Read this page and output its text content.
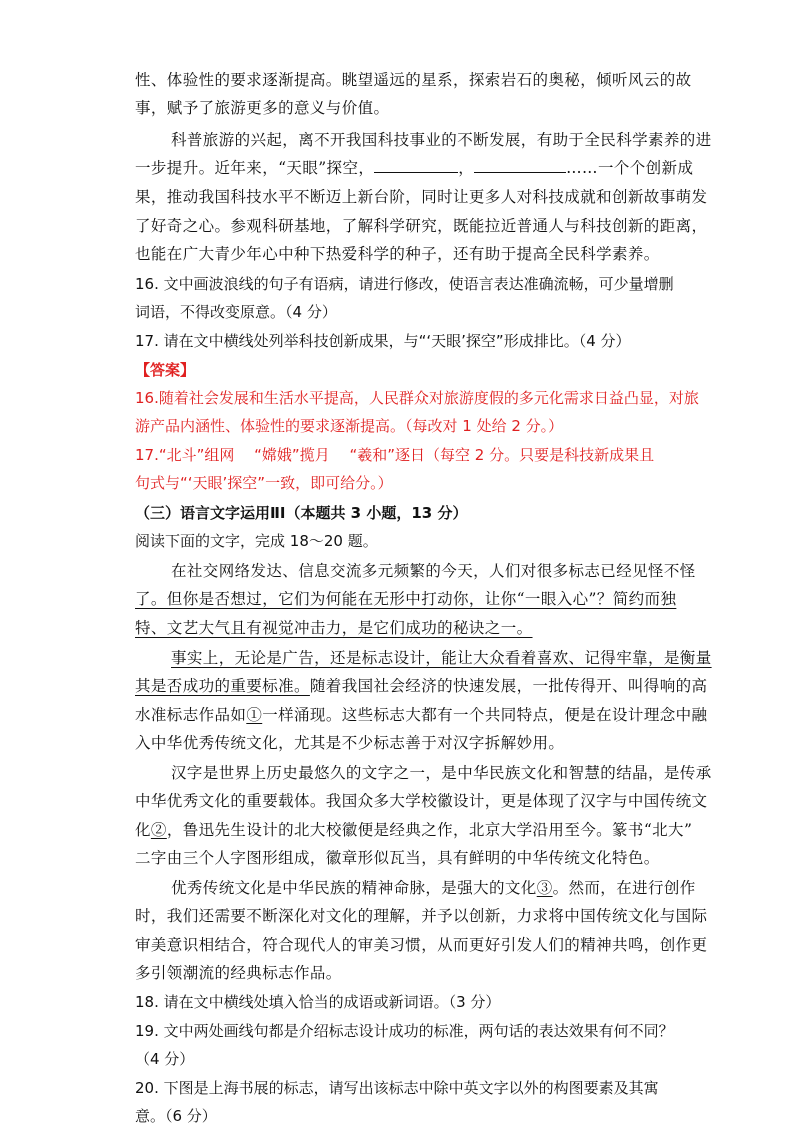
性、体验性的要求逐渐提高。眺望遥远的星系，探索岩石的奥秘，倾听风云的故
事，赋予了旅游更多的意义与价值。
科普旅游的兴起，离不开我国科技事业的不断发展，有助于全民科学素养的进
一步提升。近年来，“天眼”探空，	，	……一个个创新成
果，推动我国科技水平不断迈上新台阶，同时让更多人对科技成就和创新故事萌发
了好奇之心。参观科研基地，了解科学研究，既能拉近普通人与科技创新的距离，
也能在广大青少年心中种下热爱科学的种子，还有助于提高全民科学素养。
16. 文中画波浪线的句子有语病，请进行修改，使语言表达准确流畅，可少量增删
词语，不得改变原意。（4 分）
17. 请在文中横线处列举科技创新成果，与“‘天眼’探空”形成排比。（4 分）
【答案】
16.随着社会发展和生活水平提高，人民群众对旅游度假的多元化需求日益凸显，对旅
游产品内涵性、体验性的要求逐渐提高。（每改对 1 处给 2 分。）
17.“北斗”组网　 “嫦娥”揽月　 “羲和”逐日（每空 2 分。只要是科技新成果且
句式与“‘天眼’探空”一致，即可给分。）
（三）语言文字运用ⅡⅠ（本题共 3 小题，13 分）
阅读下面的文字，完成 18～20 题。
在社交网络发达、信息交流多元频繁的今天，人们对很多标志已经见怪不怪
了。但你是否想过，它们为何能在无形中打动你，让你“一眼入心”？简约而独
特、文艺大气且有视觉冲击力，是它们成功的秘诀之一。
事实上，无论是广告，还是标志设计，能让大众看着喜欢、记得牢靠，是衡量
其是否成功的重要标准。随着我国社会经济的快速发展，一批传得开、叫得响的高
水准标志作品如①一样涌现。这些标志大都有一个共同特点，便是在设计理念中融
入中华优秀传统文化，尤其是不少标志善于对汉字拆解妙用。
汉字是世界上历史最悠久的文字之一，是中华民族文化和智慧的结晶，是传承
中华优秀文化的重要载体。我国众多大学校徽设计，更是体现了汉字与中国传统文
化②，鲁迅先生设计的北大校徽便是经典之作，北京大学沿用至今。篆书“北大”
二字由三个人字图形组成，徽章形似瓦当，具有鲜明的中华传统文化特色。
优秀传统文化是中华民族的精神命脉，是强大的文化③。然而，在进行创作
时，我们还需要不断深化对文化的理解，并予以创新，力求将中国传统文化与国际
审美意识相结合，符合现代人的审美习惯，从而更好引发人们的精神共鸣，创作更
多引领潮流的经典标志作品。
18. 请在文中横线处填入恰当的成语或新词语。（3 分）
19. 文中两处画线句都是介绍标志设计成功的标准，两句话的表达效果有何不同？
（4 分）
20. 下图是上海书展的标志，请写出该标志中除中英文字以外的构图要素及其寓
意。（6 分）
